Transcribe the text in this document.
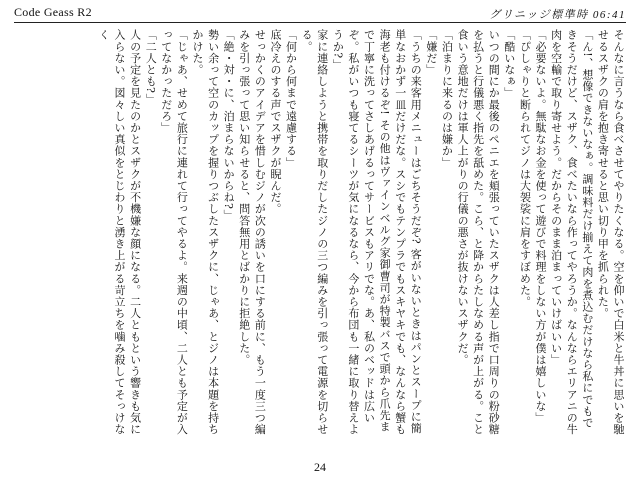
Code Geass R2	グリニッジ標準時 06:41

そんなに言うなら食べさせてやりたくなる。空を仰いで白米と牛丼に思いを馳せるスザクの肩を抱き寄せると思い切り甲を抓られた。

「ん!、想像できないなぁ。調味料だけ揃えて肉を煮込むだけなら私にでもできそうだけど、スザク、食べたいなら作ってやろうか。なんならエリアニの牛肉を空輸で取り寄せよう。だからそのまま泊まっていけばいい」

「必要ないよ。無駄なお金を使って遊びで料理をしない方が僕は嬉しいな」

「ぴしゃりと断られてジノは大袈裟に肩をすぼめた。

「酷いなぁ」

いつの間にか最後のペニエを頬張っていたスザクは人差し指で口周りの粉砂糖を払うと行儀悪く指先を舐めた。こら、と降からたしなめる声が上がる。こと食いう意地だけは軍人上がりの行儀の悪さが抜けないスザクだ。

「泊まりに来るのは嫌か」

「嫌だ」

「うちの来客用メニューはごちそうだぞ? 客がいないときはパンとスープに簡単なおかず一皿だけだな。スシでもテンプラでもスキヤキでも、なんなら蟹も海老も付けるぞ! その他はヴァインベルグ家御曹司が特製バスで頭から爪先まで丁寧に洗ってさしあげるってサービスもアリでな。あ、私のベッドは広いぞ。私がいつも寝てるシーツが気になるなら、今から布団も一緒に取り替えようか?」

家に連絡しようと携帯を取りだしたジノの三つ編みを引っ張って電源を切らせる。

「何から何まで遠慮する」

底冷えのする声でスザクが睨んだ。

せっかくのアイデアを惜しむジノが次の誘いを口にする前に、もう一度三つ編みを引っ張って思い知らせると、問答無用とばかりに拒絶した。

「絶・対・に、泊まらないからね?」

勢い余って空のカップを握りつぶしたスザクに、じゃあ、とジノは本題を持ちかけた。

「じゃあ、せめて旅行に連れて行ってやるよ。来週の中頃、二人とも予定が入ってなかっただろ」

「二人とも?」

人の予定を見たのかとスザクが不機嫌な顔になる。二人ともという響きも気に入らない。図々しい真似をとじわりと湧き上がる苛立ちを噛み殺してそっけなく

24
